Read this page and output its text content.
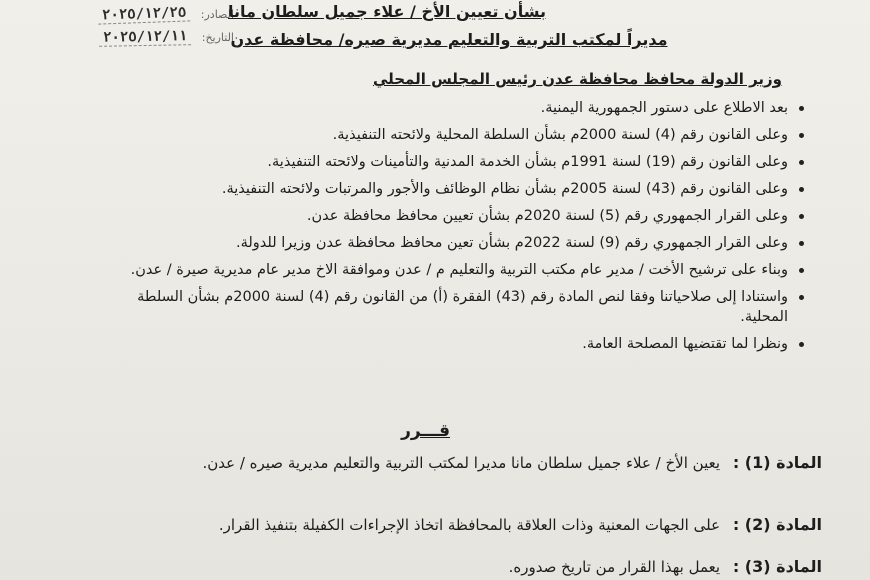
الصادر: ٢٠٢٥/١٢/٢٥
التاريخ: ٢٠٢٥/١٢/١١
بشأن تعيين الأخ / علاء جميل سلطان مانا
مديراً لمكتب التربية والتعليم مديرية صيره/ محافظة عدن
وزير الدولة محافظ محافظة عدن رئيس المجلس المحلي
بعد الاطلاع على دستور الجمهورية اليمنية.
وعلى القانون رقم (4) لسنة 2000م بشأن السلطة المحلية ولائحته التنفيذية.
وعلى القانون رقم (19) لسنة 1991م بشأن الخدمة المدنية والتأمينات ولائحته التنفيذية.
وعلى القانون رقم (43) لسنة 2005م بشأن نظام الوظائف والأجور والمرتبات ولائحته التنفيذية.
وعلى القرار الجمهوري رقم (5) لسنة 2020م بشأن تعيين محافظ محافظة عدن.
وعلى القرار الجمهوري رقم (9) لسنة 2022م بشأن تعين محافظ محافظة عدن وزيرا للدولة.
وبناء على ترشيح الأخت / مدير عام مكتب التربية والتعليم م / عدن وموافقة الاخ مدير عام مديرية صيرة / عدن.
واستنادا إلى صلاحياتنا وفقا لنص المادة رقم (43) الفقرة (أ) من القانون رقم (4) لسنة 2000م بشأن السلطة المحلية.
ونظرا لما تقتضيها المصلحة العامة.
قـــرر
المادة (1) : يعين الأخ / علاء جميل سلطان مانا مديرا لمكتب التربية والتعليم مديرية صيره / عدن.
المادة (2) : على الجهات المعنية وذات العلاقة بالمحافظة اتخاذ الإجراءات الكفيلة بتنفيذ القرار.
المادة (3) : يعمل بهذا القرار من تاريخ صدوره.
